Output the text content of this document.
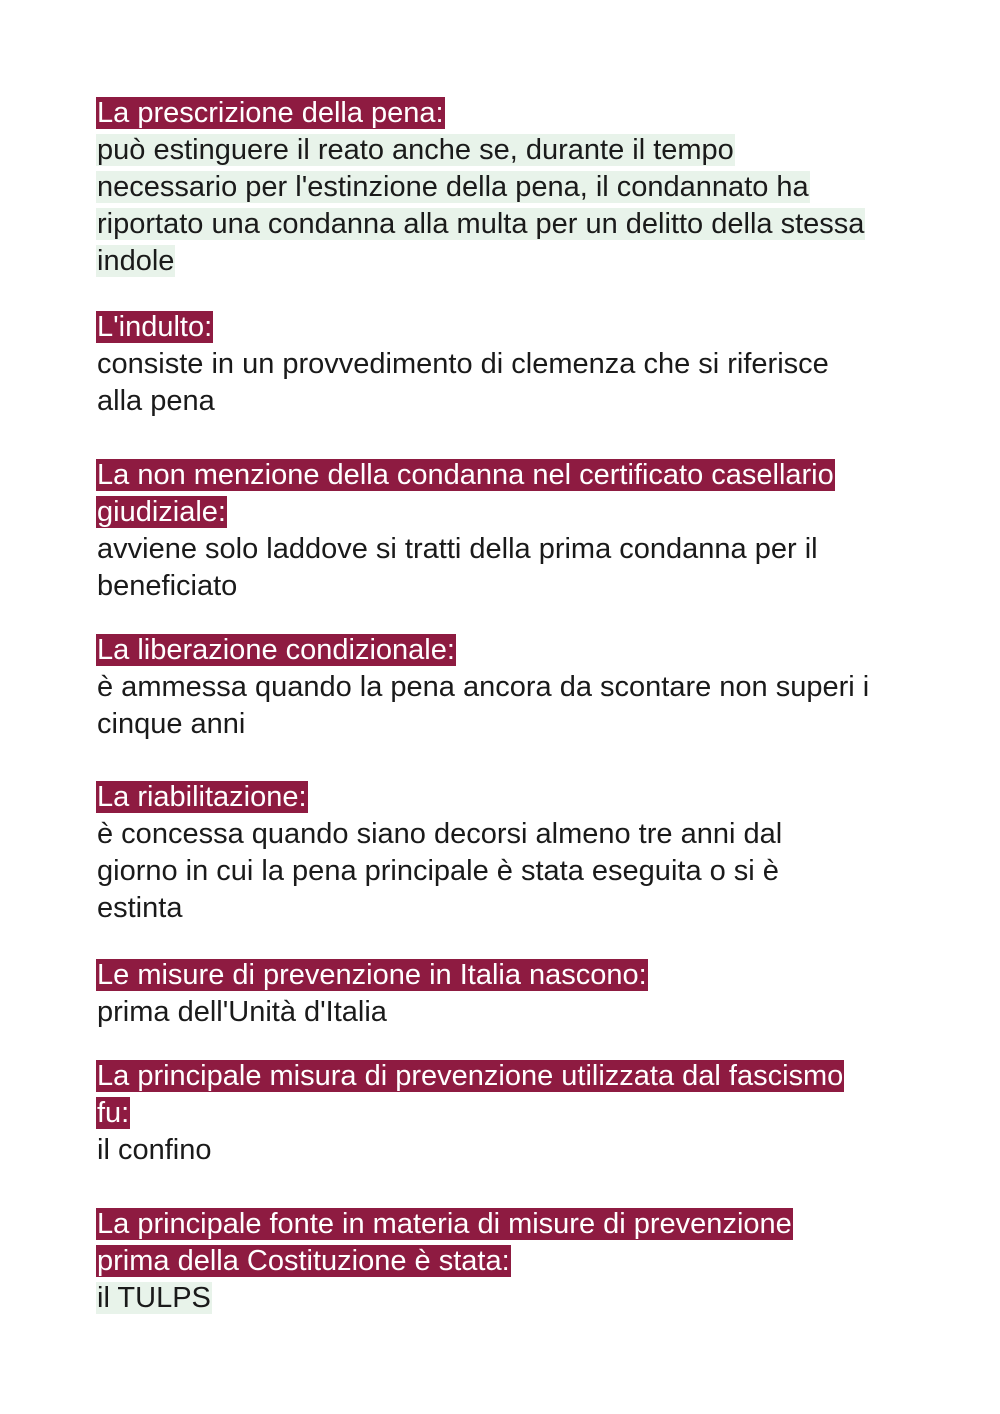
La prescrizione della pena:
può estinguere il reato anche se, durante il tempo
necessario per l'estinzione della pena, il condannato ha
riportato una condanna alla multa per un delitto della stessa
indole
L'indulto:
consiste in un provvedimento di clemenza che si riferisce
alla pena
La non menzione della condanna nel certificato casellario
giudiziale:
avviene solo laddove si tratti della prima condanna per il
beneficiato
La liberazione condizionale:
è ammessa quando la pena ancora da scontare non superi i
cinque anni
La riabilitazione:
è concessa quando siano decorsi almeno tre anni dal
giorno in cui la pena principale è stata eseguita o si è
estinta
Le misure di prevenzione in Italia nascono:
prima dell'Unità d'Italia
La principale misura di prevenzione utilizzata dal fascismo
fu:
il confino
La principale fonte in materia di misure di prevenzione
prima della Costituzione è stata:
il TULPS
